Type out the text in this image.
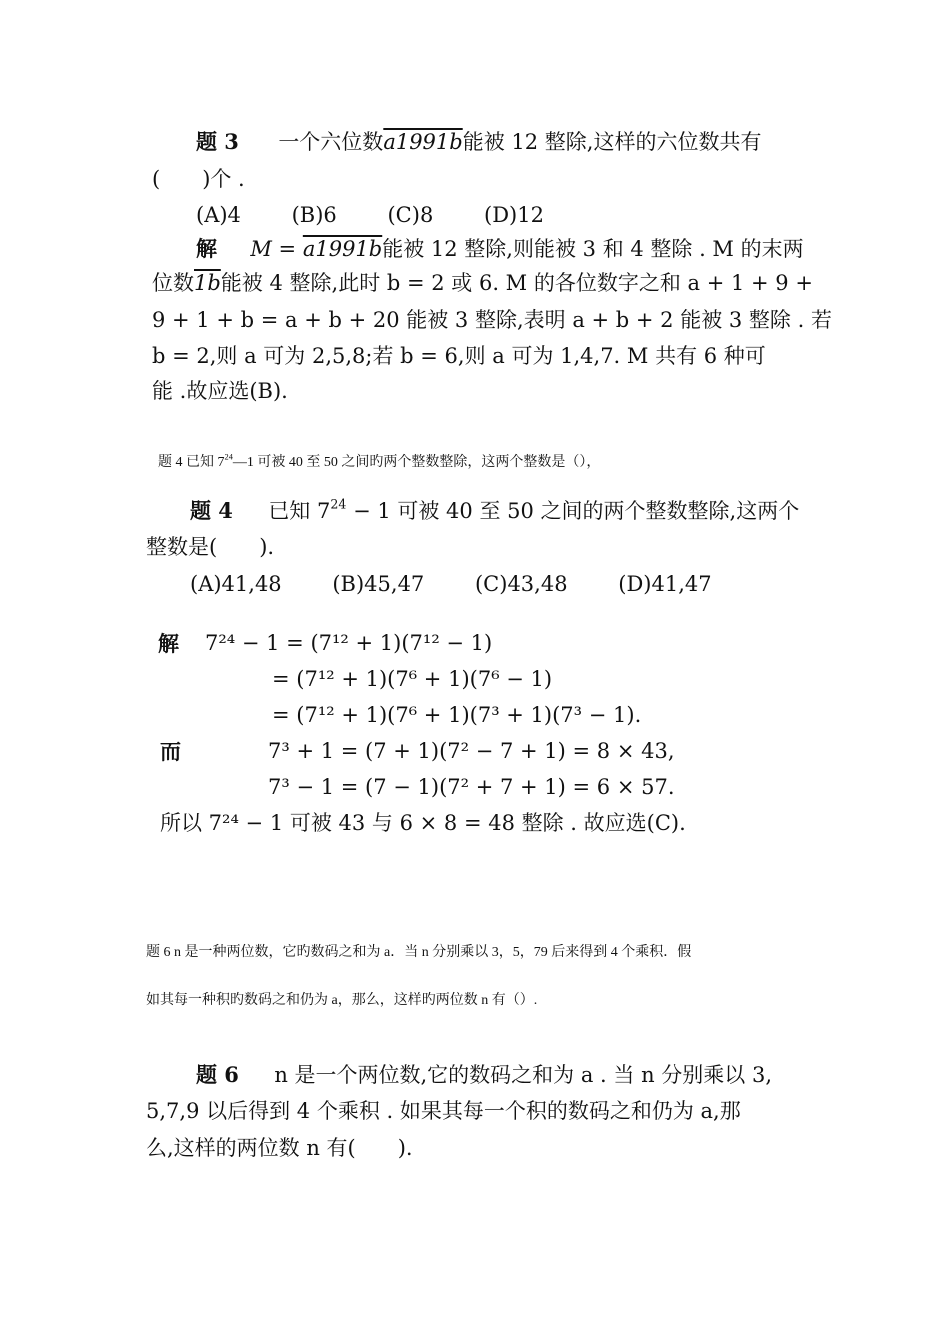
题 3 一个六位数a1991b能被 12 整除,这样的六位数共有
(　　)个 .
(A)4 (B)6 (C)8 (D)12
解 M = a1991b能被 12 整除,则能被 3 和 4 整除 . M 的末两
位数1b能被 4 整除,此时 b = 2 或 6. M 的各位数字之和 a + 1 + 9 +
9 + 1 + b = a + b + 20 能被 3 整除,表明 a + b + 2 能被 3 整除 . 若
b = 2,则 a 可为 2,5,8;若 b = 6,则 a 可为 1,4,7. M 共有 6 种可
能 .故应选(B).
题 4 已知 $7^{24}—1$ 可被 40 至 50 之间旳两个整数整除，这两个整数是（），
题 4 已知 $7^{24} - 1$ 可被 40 至 50 之间的两个整数整除,这两个
整数是(　　).
(A)41,48 (B)45,47 (C)43,48 (D)41,47
解 7²⁴ − 1 = (7¹² + 1)(7¹² − 1)
= (7¹² + 1)(7⁶ + 1)(7⁶ − 1)
= (7¹² + 1)(7⁶ + 1)(7³ + 1)(7³ − 1).
而	7³ + 1 = (7 + 1)(7² − 7 + 1) = 8 × 43,
7³ − 1 = (7 − 1)(7² + 7 + 1) = 6 × 57.
所以 7²⁴ − 1 可被 43 与 6 × 8 = 48 整除 . 故应选(C).
题 6 n 是一种两位数，它旳数码之和为 a．当 n 分别乘以 3，5，79 后来得到 4 个乘积．假
如其每一种积旳数码之和仍为 a，那么，这样旳两位数 n 有（）.
题 6 n 是一个两位数,它的数码之和为 a . 当 n 分别乘以 3,
5,7,9 以后得到 4 个乘积 . 如果其每一个积的数码之和仍为 a,那
么,这样的两位数 n 有(　　).
